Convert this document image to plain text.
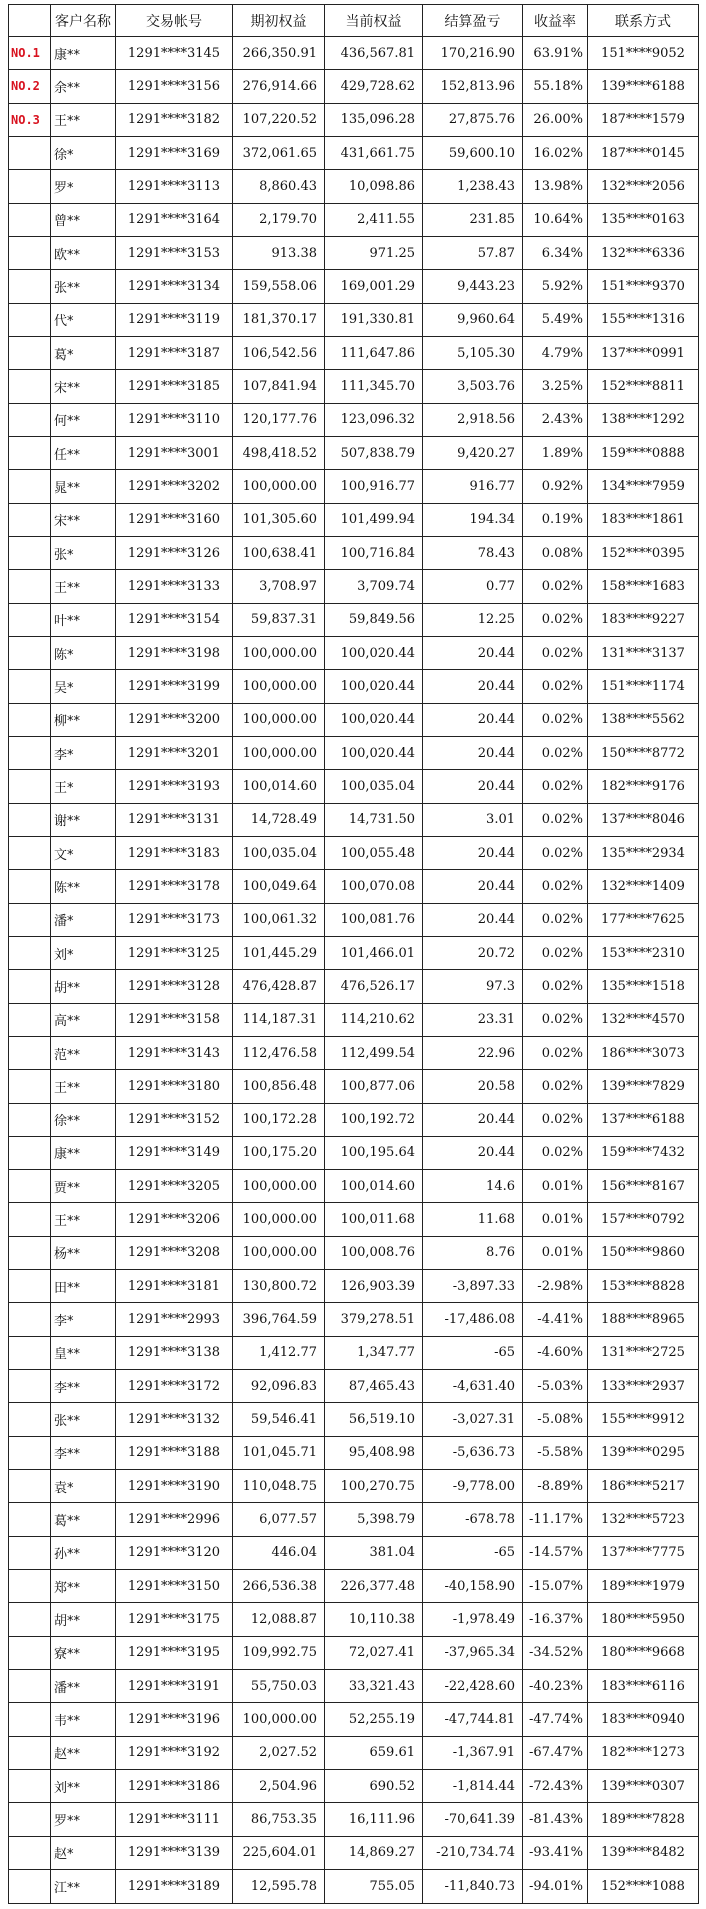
	客户名称	交易帐号	期初权益	当前权益	结算盈亏	收益率	联系方式
NO.1	康**	1291****3145	266,350.91	436,567.81	170,216.90	63.91%	151****9052
NO.2	余**	1291****3156	276,914.66	429,728.62	152,813.96	55.18%	139****6188
NO.3	王**	1291****3182	107,220.52	135,096.28	27,875.76	26.00%	187****1579
	徐*	1291****3169	372,061.65	431,661.75	59,600.10	16.02%	187****0145
	罗*	1291****3113	8,860.43	10,098.86	1,238.43	13.98%	132****2056
	曾**	1291****3164	2,179.70	2,411.55	231.85	10.64%	135****0163
	欧**	1291****3153	913.38	971.25	57.87	6.34%	132****6336
	张**	1291****3134	159,558.06	169,001.29	9,443.23	5.92%	151****9370
	代*	1291****3119	181,370.17	191,330.81	9,960.64	5.49%	155****1316
	葛*	1291****3187	106,542.56	111,647.86	5,105.30	4.79%	137****0991
	宋**	1291****3185	107,841.94	111,345.70	3,503.76	3.25%	152****8811
	何**	1291****3110	120,177.76	123,096.32	2,918.56	2.43%	138****1292
	任**	1291****3001	498,418.52	507,838.79	9,420.27	1.89%	159****0888
	晁**	1291****3202	100,000.00	100,916.77	916.77	0.92%	134****7959
	宋**	1291****3160	101,305.60	101,499.94	194.34	0.19%	183****1861
	张*	1291****3126	100,638.41	100,716.84	78.43	0.08%	152****0395
	王**	1291****3133	3,708.97	3,709.74	0.77	0.02%	158****1683
	叶**	1291****3154	59,837.31	59,849.56	12.25	0.02%	183****9227
	陈*	1291****3198	100,000.00	100,020.44	20.44	0.02%	131****3137
	吴*	1291****3199	100,000.00	100,020.44	20.44	0.02%	151****1174
	柳**	1291****3200	100,000.00	100,020.44	20.44	0.02%	138****5562
	李*	1291****3201	100,000.00	100,020.44	20.44	0.02%	150****8772
	王*	1291****3193	100,014.60	100,035.04	20.44	0.02%	182****9176
	谢**	1291****3131	14,728.49	14,731.50	3.01	0.02%	137****8046
	文*	1291****3183	100,035.04	100,055.48	20.44	0.02%	135****2934
	陈**	1291****3178	100,049.64	100,070.08	20.44	0.02%	132****1409
	潘*	1291****3173	100,061.32	100,081.76	20.44	0.02%	177****7625
	刘*	1291****3125	101,445.29	101,466.01	20.72	0.02%	153****2310
	胡**	1291****3128	476,428.87	476,526.17	97.3	0.02%	135****1518
	高**	1291****3158	114,187.31	114,210.62	23.31	0.02%	132****4570
	范**	1291****3143	112,476.58	112,499.54	22.96	0.02%	186****3073
	王**	1291****3180	100,856.48	100,877.06	20.58	0.02%	139****7829
	徐**	1291****3152	100,172.28	100,192.72	20.44	0.02%	137****6188
	康**	1291****3149	100,175.20	100,195.64	20.44	0.02%	159****7432
	贾**	1291****3205	100,000.00	100,014.60	14.6	0.01%	156****8167
	王**	1291****3206	100,000.00	100,011.68	11.68	0.01%	157****0792
	杨**	1291****3208	100,000.00	100,008.76	8.76	0.01%	150****9860
	田**	1291****3181	130,800.72	126,903.39	-3,897.33	-2.98%	153****8828
	李*	1291****2993	396,764.59	379,278.51	-17,486.08	-4.41%	188****8965
	皇**	1291****3138	1,412.77	1,347.77	-65	-4.60%	131****2725
	李**	1291****3172	92,096.83	87,465.43	-4,631.40	-5.03%	133****2937
	张**	1291****3132	59,546.41	56,519.10	-3,027.31	-5.08%	155****9912
	李**	1291****3188	101,045.71	95,408.98	-5,636.73	-5.58%	139****0295
	袁*	1291****3190	110,048.75	100,270.75	-9,778.00	-8.89%	186****5217
	葛**	1291****2996	6,077.57	5,398.79	-678.78	-11.17%	132****5723
	孙**	1291****3120	446.04	381.04	-65	-14.57%	137****7775
	郑**	1291****3150	266,536.38	226,377.48	-40,158.90	-15.07%	189****1979
	胡**	1291****3175	12,088.87	10,110.38	-1,978.49	-16.37%	180****5950
	寮**	1291****3195	109,992.75	72,027.41	-37,965.34	-34.52%	180****9668
	潘**	1291****3191	55,750.03	33,321.43	-22,428.60	-40.23%	183****6116
	韦**	1291****3196	100,000.00	52,255.19	-47,744.81	-47.74%	183****0940
	赵**	1291****3192	2,027.52	659.61	-1,367.91	-67.47%	182****1273
	刘**	1291****3186	2,504.96	690.52	-1,814.44	-72.43%	139****0307
	罗**	1291****3111	86,753.35	16,111.96	-70,641.39	-81.43%	189****7828
	赵*	1291****3139	225,604.01	14,869.27	-210,734.74	-93.41%	139****8482
	江**	1291****3189	12,595.78	755.05	-11,840.73	-94.01%	152****1088
